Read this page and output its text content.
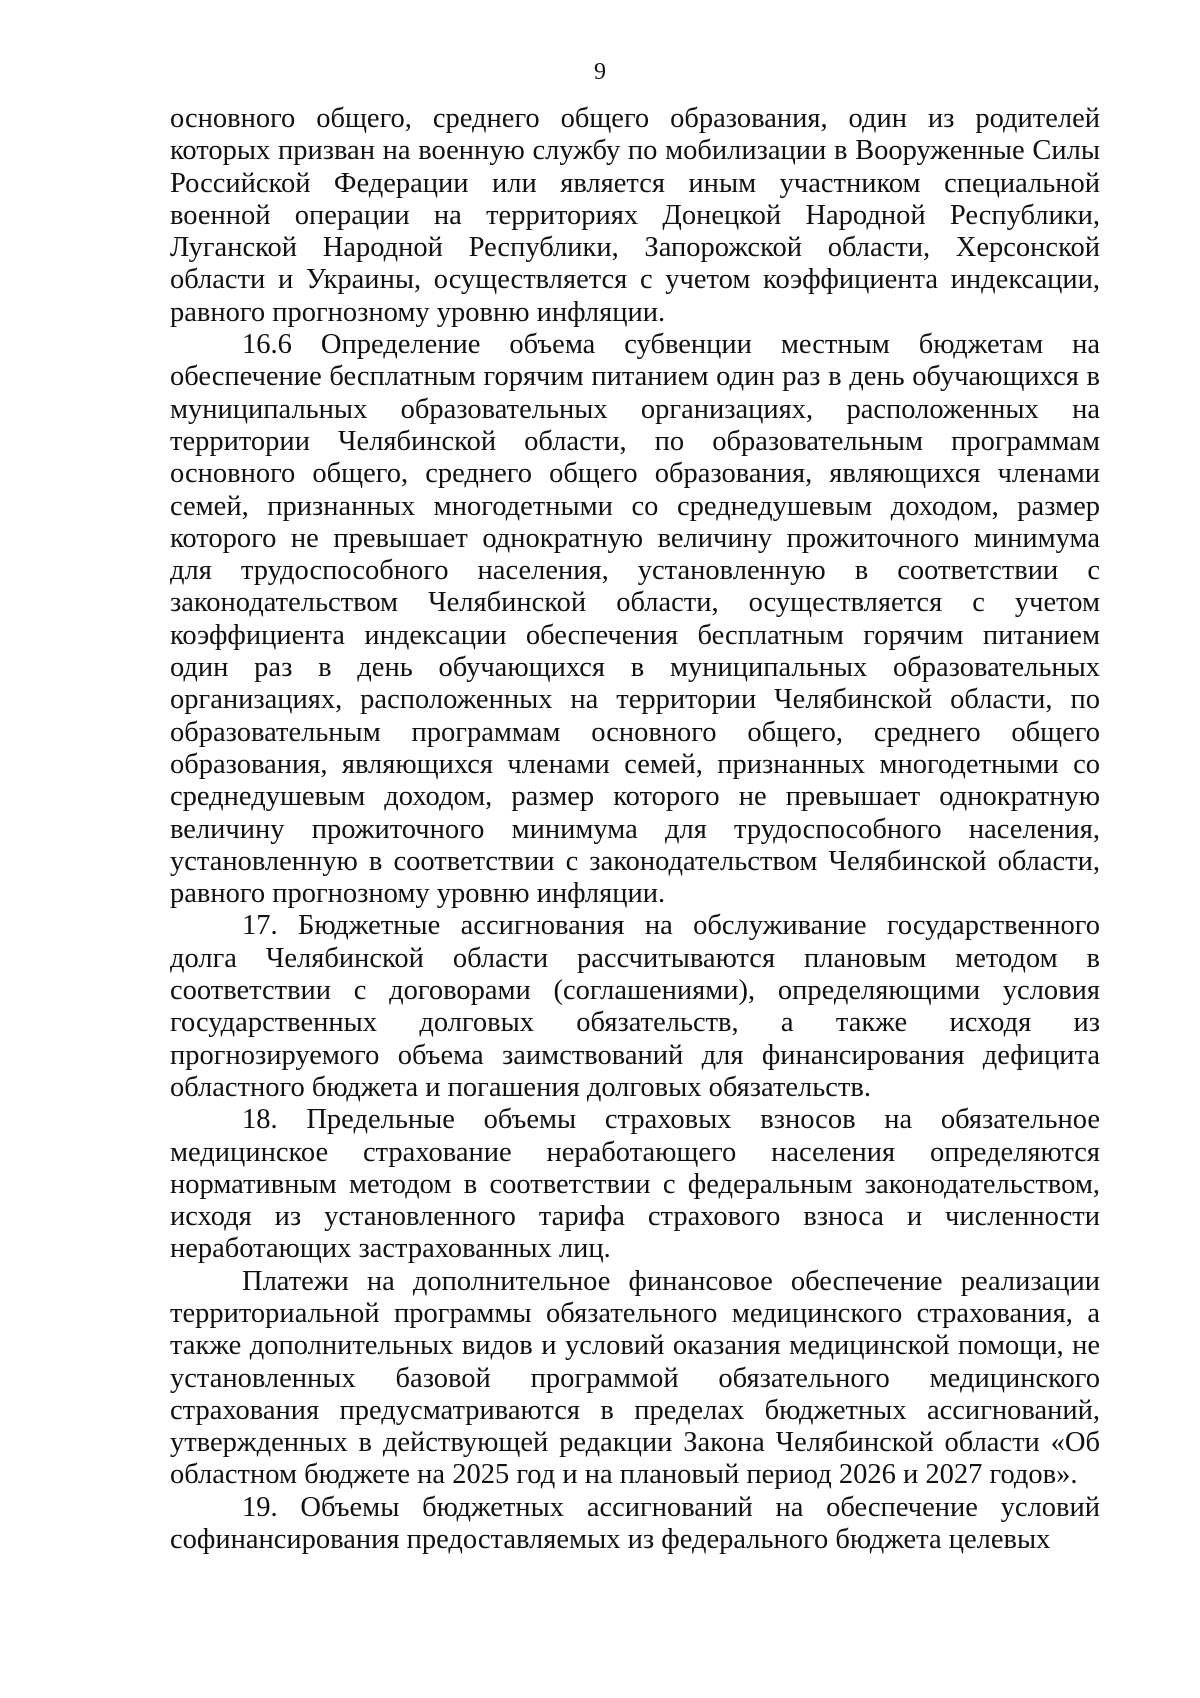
9

основного общего, среднего общего образования, один из родителей которых призван на военную службу по мобилизации в Вооруженные Силы Российской Федерации или является иным участником специальной военной операции на территориях Донецкой Народной Республики, Луганской Народной Республики, Запорожской области, Херсонской области и Украины, осуществляется с учетом коэффициента индексации, равного прогнозному уровню инфляции.

16.6 Определение объема субвенции местным бюджетам на обеспечение бесплатным горячим питанием один раз в день обучающихся в муниципальных образовательных организациях, расположенных на территории Челябинской области, по образовательным программам основного общего, среднего общего образования, являющихся членами семей, признанных многодетными со среднедушевым доходом, размер которого не превышает однократную величину прожиточного минимума для трудоспособного населения, установленную в соответствии с законодательством Челябинской области, осуществляется с учетом коэффициента индексации обеспечения бесплатным горячим питанием один раз в день обучающихся в муниципальных образовательных организациях, расположенных на территории Челябинской области, по образовательным программам основного общего, среднего общего образования, являющихся членами семей, признанных многодетными со среднедушевым доходом, размер которого не превышает однократную величину прожиточного минимума для трудоспособного населения, установленную в соответствии с законодательством Челябинской области, равного прогнозному уровню инфляции.

17. Бюджетные ассигнования на обслуживание государственного долга Челябинской области рассчитываются плановым методом в соответствии с договорами (соглашениями), определяющими условия государственных долговых обязательств, а также исходя из прогнозируемого объема заимствований для финансирования дефицита областного бюджета и погашения долговых обязательств.

18. Предельные объемы страховых взносов на обязательное медицинское страхование неработающего населения определяются нормативным методом в соответствии с федеральным законодательством, исходя из установленного тарифа страхового взноса и численности неработающих застрахованных лиц.

Платежи на дополнительное финансовое обеспечение реализации территориальной программы обязательного медицинского страхования, а также дополнительных видов и условий оказания медицинской помощи, не установленных базовой программой обязательного медицинского страхования предусматриваются в пределах бюджетных ассигнований, утвержденных в действующей редакции Закона Челябинской области «Об областном бюджете на 2025 год и на плановый период 2026 и 2027 годов».

19. Объемы бюджетных ассигнований на обеспечение условий софинансирования предоставляемых из федерального бюджета целевых
